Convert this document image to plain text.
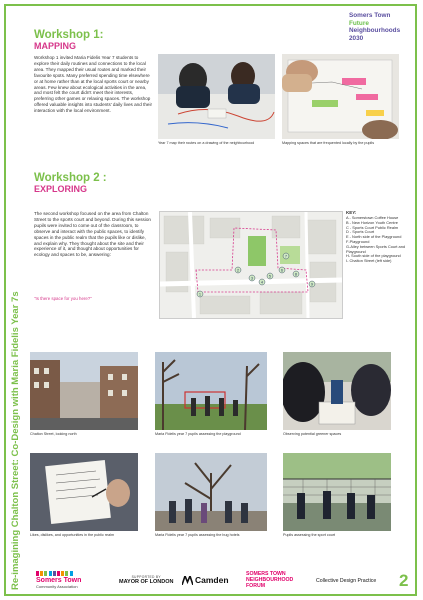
Re-imagining Chalton Street: Co-Design with Maria Fidelis Year 7s
Somers Town
Future
Neighbourhoods
2030
Workshop 1:
MAPPING
Workshop 1 invited Maria Fidelis Year 7 students to explore their daily routines and connections to the local area. They mapped their usual routes and marked their favourite spots. Many preferred spending time elsewhere or at home rather than at the local sports court or nearby areas. Few knew about ecological activities in the area, and most felt the court didn't meet their interests, preferring other games or relaxing spaces. The workshop offered valuable insights into students' daily lives and their interaction with the local environment.
Year 7 map their routes on a drawing of the neighbourhood	Mapping spaces that are frequented locally by the pupils
Workshop 2 :
EXPLORING
The second workshop focused on the area from Chalton Street to the sports court and beyond. During this session pupils were invited to come out of the classroom, to observe and interact with the public spaces, to identify spaces in the public realm that the pupils like or dislike, and explain why. They thought about the site and their experience of it, and thought about opportunities for ecology and spaces to be, answering:
"Is there space for you here?"
1
2
3
4
5
6
7
8
9
KEY:
A - Somerstown Coffee House
B - New Horizon Youth Centre
C - Sports Court Public Realm
D - Sports Court
E - North side of the Playground
F-Playground
G-Alley between Sports Court and Playground
H- South side of the playground
I- Chalton Street (left side)
Chalton Street, looking north	Maria Fidelis year 7 pupils assessing the playground	Observing potential greener spaces
Likes, dislikes, and opportunities in the public realm	Maria Fidelis year 7 pupils assessing the bug hotels	Pupils assessing the sport court
Somers Town
Community Association
SUPPORTED BY
MAYOR OF LONDON	Camden
SOMERS TOWN
NEIGHBOURHOOD
FORUM
Collective Design Practice 2
